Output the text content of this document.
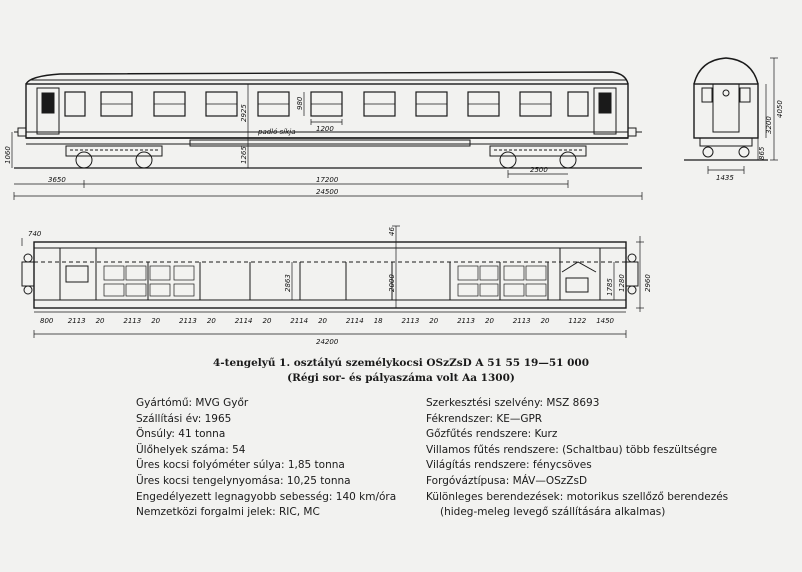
2925
980
1200
padló síkja
1265
1060
3650	17200
2500
24500
4050
3200
865
1435
740	46
2000
2863	1785 1280	2960
24200
800 2113 20	2113 20	2113 20	2114 20	2114 20	2114 18	2113 20	2113 20	2113 20	1122 1450
4-tengelyű 1. osztályú személykocsi OSzZsD A 51 55 19—51 000
(Régi sor- és pályaszáma volt Aa 1300)
Gyártómű: MVG Győr
Szállítási év: 1965
Önsúly: 41 tonna
Ülőhelyek száma: 54
Üres kocsi folyóméter súlya: 1,85 tonna
Üres kocsi tengelynyomása: 10,25 tonna
Engedélyezett legnagyobb sebesség: 140 km/óra
Nemzetközi forgalmi jelek: RIC, MC
Szerkesztési szelvény: MSZ 8693
Fékrendszer: KE—GPR
Gőzfűtés rendszere: Kurz
Villamos fűtés rendszere: (Schaltbau) több feszültségre
Világítás rendszere: fénycsöves
Forgóváztípusa: MÁV—OSzZsD
Különleges berendezések: motorikus szellőző berendezés
(hideg-meleg levegő szállítására alkalmas)
